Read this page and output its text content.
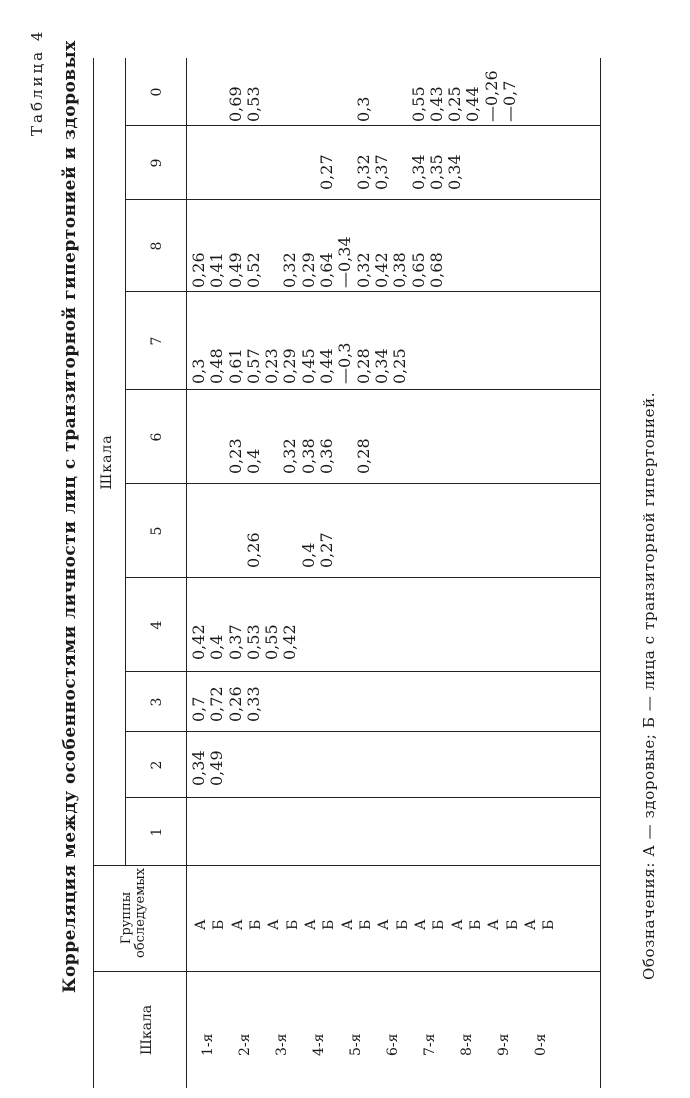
Таблица 4 Корреляция между особенностями личности лиц с транзиторной гипертонией и здоровых
Шкала
Группы обследуемых
Шкала
1
2
3
4
5
6
7
8
9
0
1-я 2-я 3-я 4-я 5-я 6-я 7-я 8-я 9-я 0-я
А Б А Б А Б А Б А Б А Б А Б А Б А Б А Б
0,34
0,49
0,7
0,72
0,26
0,33
0,42
0,4
0,37
0,53
0,55
0,42

0,26

0,4
0,27

0,23
0,4

0,32
0,38
0,36

0,28
0,3
0,48
0,61
0,57
0,23
0,29
0,45
0,44
—0,3
0,28
0,34
0,25
0,26
0,41
0,49
0,52

0,32
0,29
0,64
—0,34
0,32
0,42
0,38
0,65
0,68

0,27

0,32
0,37

0,34
0,35
0,34

0,69
0,53

0,3

0,55
0,43
0,25
0,44
—0,26
—0,7
Обозначения: А — здоровые; Б — лица с транзиторной гипертонией.
